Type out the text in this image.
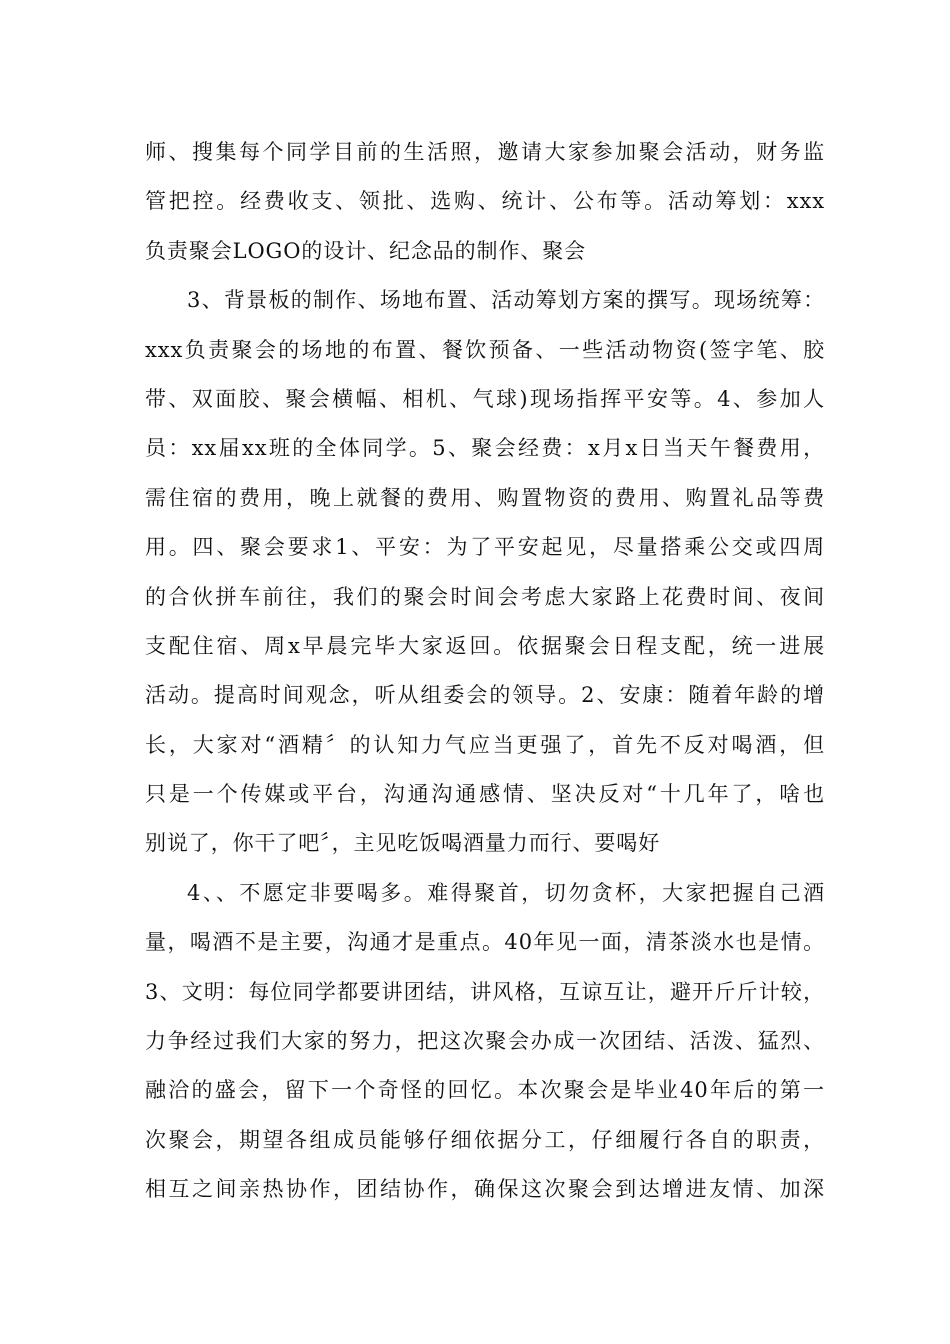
师、搜集每个同学目前的生活照，邀请大家参加聚会活动，财务监
管把控。经费收支、领批、选购、统计、公布等。活动筹划：xxx
负责聚会LOGO的设计、纪念品的制作、聚会
3、背景板的制作、场地布置、活动筹划方案的撰写。现场统筹：
xxx负责聚会的场地的布置、餐饮预备、一些活动物资(签字笔、胶
带、双面胶、聚会横幅、相机、气球)现场指挥平安等。4、参加人
员：xx届xx班的全体同学。5、聚会经费：x月x日当天午餐费用，
需住宿的费用，晚上就餐的费用、购置物资的费用、购置礼品等费
用。四、聚会要求1、平安：为了平安起见，尽量搭乘公交或四周
的合伙拼车前往，我们的聚会时间会考虑大家路上花费时间、夜间
支配住宿、周x早晨完毕大家返回。依据聚会日程支配，统一进展
活动。提高时间观念，听从组委会的领导。2、安康：随着年龄的增
长，大家对“酒精〞的认知力气应当更强了，首先不反对喝酒，但
只是一个传媒或平台，沟通沟通感情、坚决反对“十几年了，啥也
别说了，你干了吧〞，主见吃饭喝酒量力而行、要喝好
4、、不愿定非要喝多。难得聚首，切勿贪杯，大家把握自己酒
量，喝酒不是主要，沟通才是重点。40年见一面，清茶淡水也是情。
3、文明：每位同学都要讲团结，讲风格，互谅互让，避开斤斤计较，
力争经过我们大家的努力，把这次聚会办成一次团结、活泼、猛烈、
融洽的盛会，留下一个奇怪的回忆。本次聚会是毕业40年后的第一
次聚会，期望各组成员能够仔细依据分工，仔细履行各自的职责，
相互之间亲热协作，团结协作，确保这次聚会到达增进友情、加深
